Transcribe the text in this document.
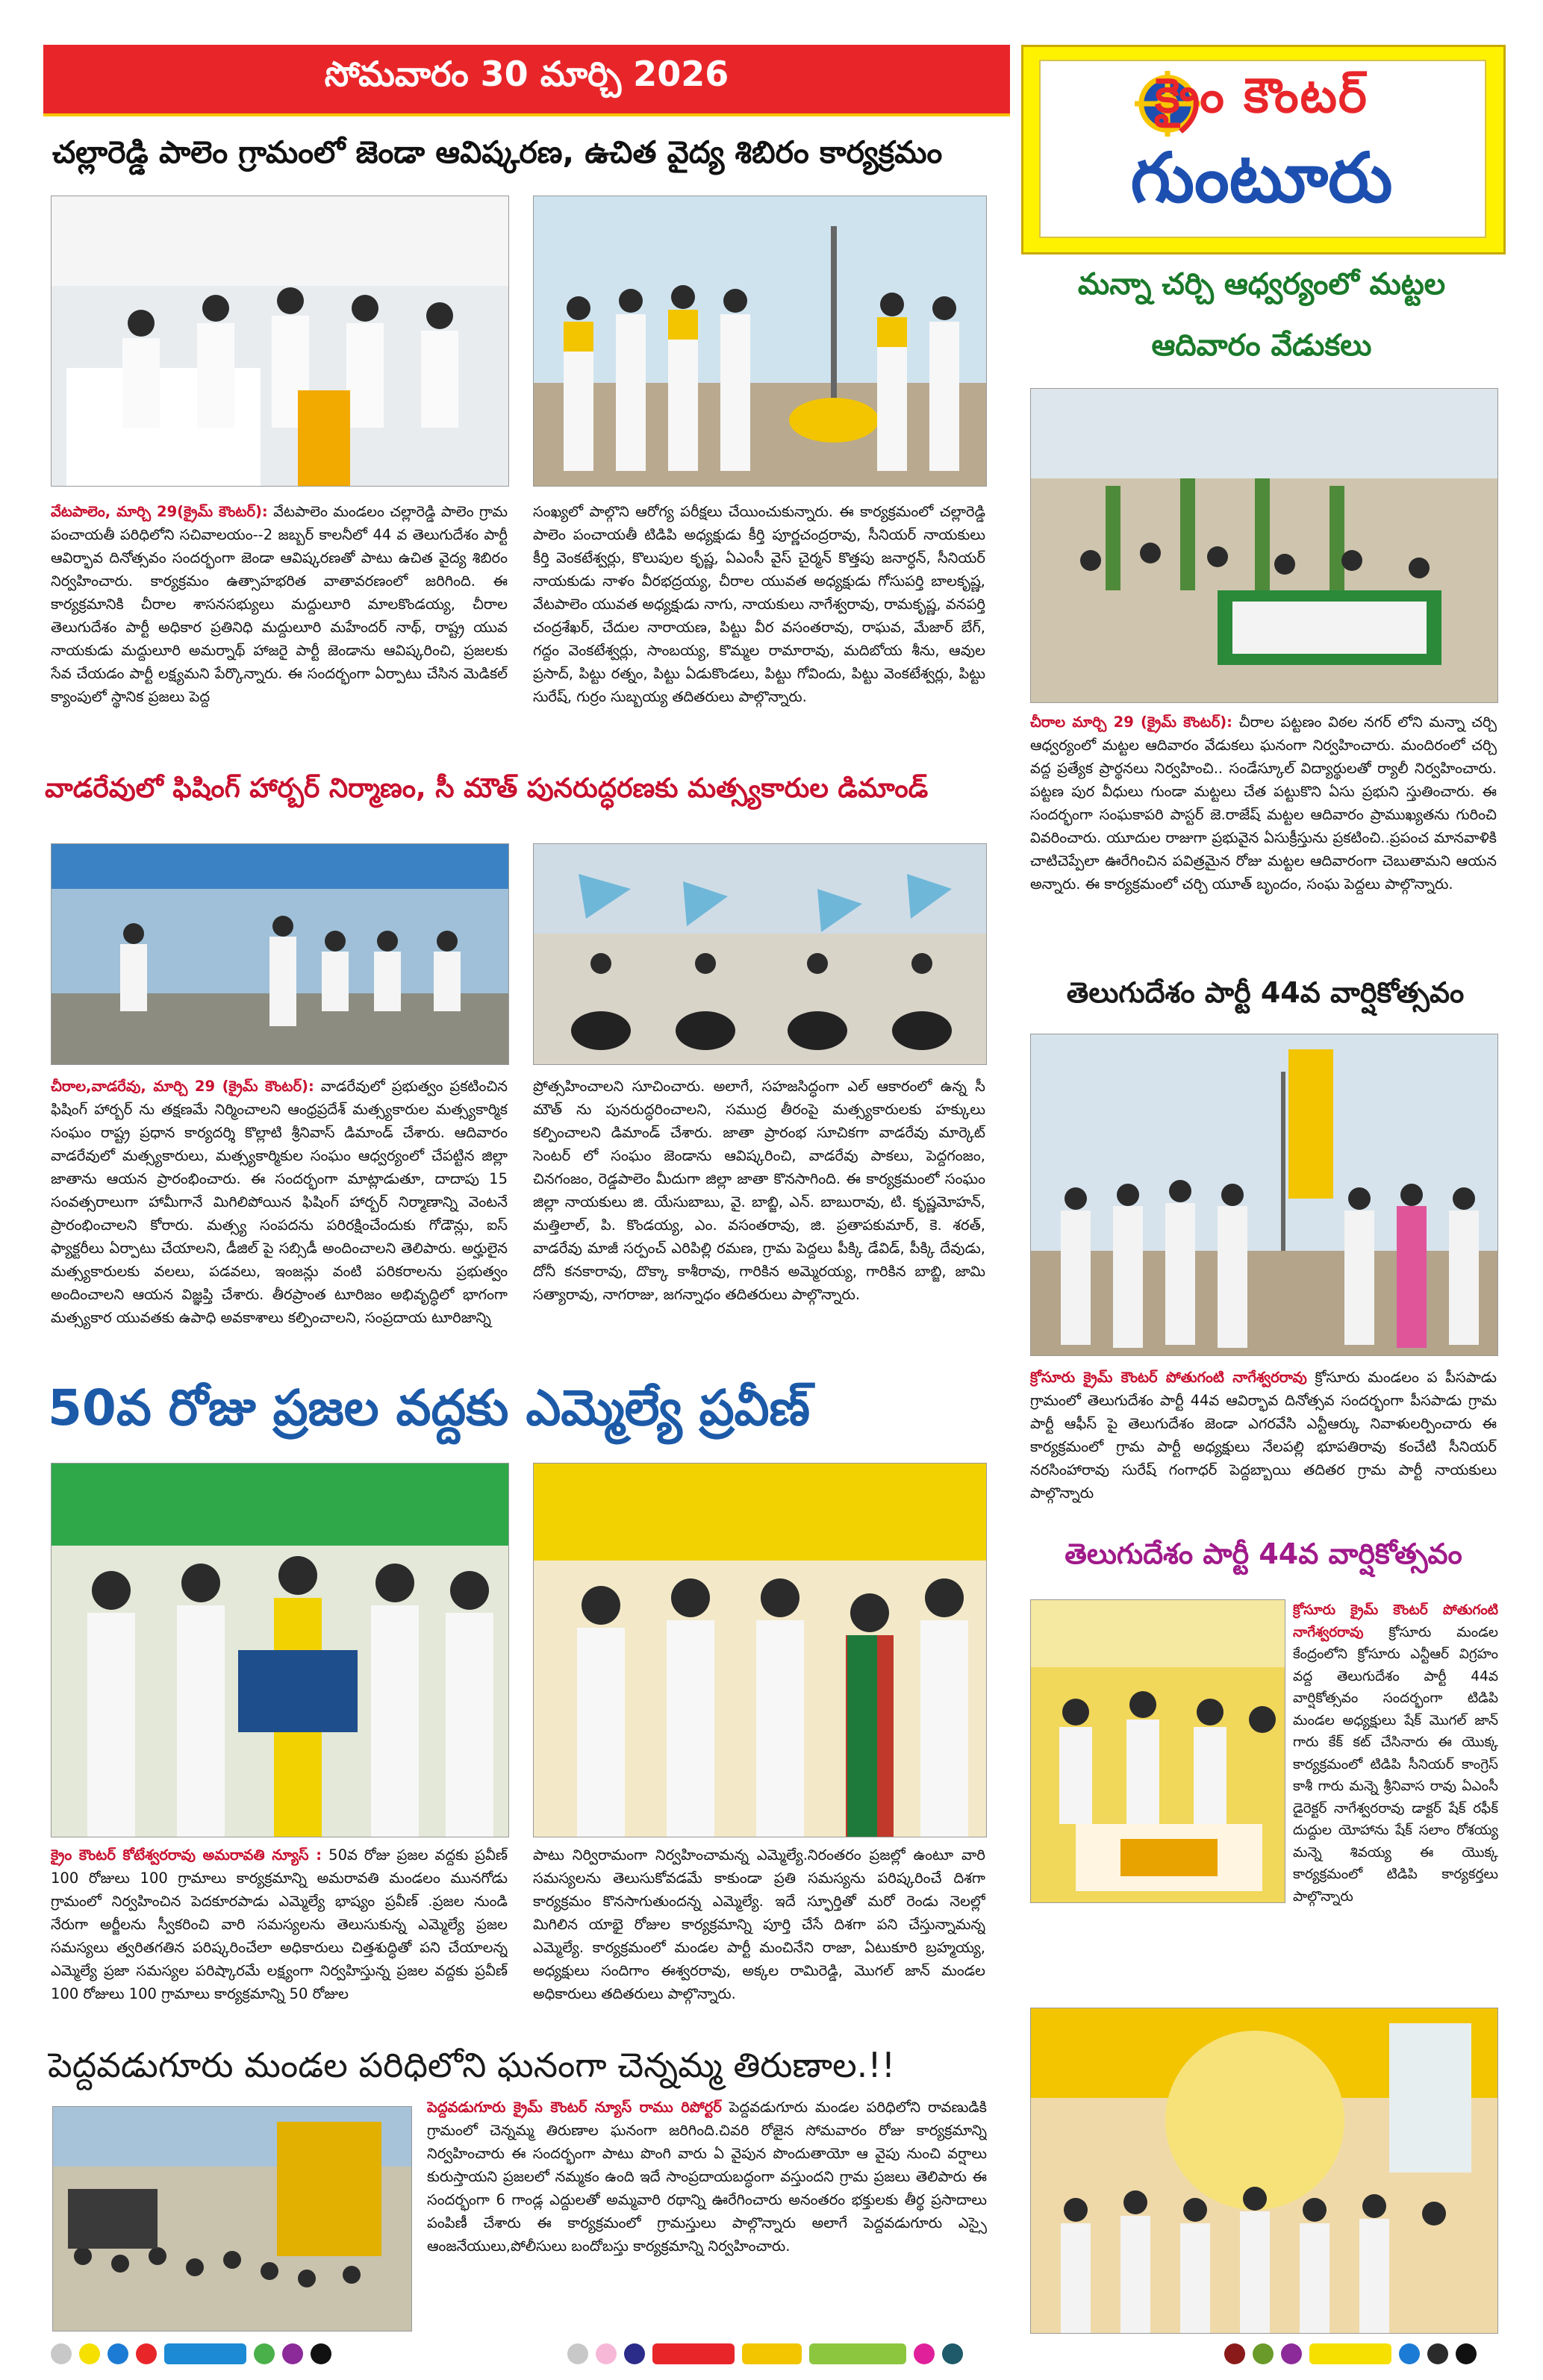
సోమవారం 30 మార్చి 2026	క్రైం కౌంటర్
గుంటూరు
చల్లారెడ్డి పాలెం గ్రామంలో జెండా ఆవిష్కరణ, ఉచిత వైద్య శిబిరం కార్యక్రమం
వేటపాలెం, మార్చి 29(క్రైమ్ కౌంటర్): వేటపాలెం మండలం చల్లారెడ్డి పాలెం గ్రామ పంచాయతీ పరిధిలోని సచివాలయం--2 జబ్బర్ కాలనీలో 44 వ తెలుగుదేశం పార్టీ ఆవిర్భావ దినోత్సవం సందర్భంగా జెండా ఆవిష్కరణతో పాటు ఉచిత వైద్య శిబిరం నిర్వహించారు. కార్యక్రమం ఉత్సాహభరిత వాతావరణంలో జరిగింది. ఈ కార్యక్రమానికి చీరాల శాసనసభ్యులు మద్దులూరి మాలకొండయ్య, చీరాల తెలుగుదేశం పార్టీ అధికార ప్రతినిధి మద్దులూరి మహేందర్ నాథ్, రాష్ట్ర యువ నాయకుడు మద్దులూరి అమర్నాథ్ హాజరై పార్టీ జెండాను ఆవిష్కరించి, ప్రజలకు సేవ చేయడం పార్టీ లక్ష్యమని పేర్కొన్నారు. ఈ సందర్భంగా ఏర్పాటు చేసిన మెడికల్ క్యాంపులో స్థానిక ప్రజలు పెద్ద
సంఖ్యలో పాల్గొని ఆరోగ్య పరీక్షలు చేయించుకున్నారు. ఈ కార్యక్రమంలో చల్లారెడ్డి పాలెం పంచాయతీ టిడిపి అధ్యక్షుడు కీర్తి పూర్ణచంద్రరావు, సీనియర్ నాయకులు కీర్తి వెంకటేశ్వర్లు, కొలుపుల కృష్ణ, ఏఎంసీ వైస్ చైర్మన్ కొత్తపు జనార్ధన్, సీనియర్ నాయకుడు నాళం వీరభద్రయ్య, చీరాల యువత అధ్యక్షుడు గోసుపర్తి బాలకృష్ణ, వేటపాలెం యువత అధ్యక్షుడు నాగు, నాయకులు నాగేశ్వరావు, రామకృష్ణ, వనపర్తి చంద్రశేఖర్, చేదుల నారాయణ, పిట్టు వీర వసంతరావు, రాఘవ, మేజార్ బేగ్, గద్దం వెంకటేశ్వర్లు, సాంబయ్య, కొమ్మల రామారావు, మదిబోయ శీను, ఆవుల ప్రసాద్, పిట్టు రత్నం, పిట్టు ఏడుకొండలు, పిట్టు గోవిందు, పిట్టు వెంకటేశ్వర్లు, పిట్టు సురేష్, గుర్రం సుబ్బయ్య తదితరులు పాల్గొన్నారు.
వాడరేవులో ఫిషింగ్ హార్బర్ నిర్మాణం, సీ మౌత్ పునరుద్ధరణకు మత్స్యకారుల డిమాండ్
చీరాల,వాడరేవు, మార్చి 29 (క్రైమ్ కౌంటర్): వాడరేవులో ప్రభుత్వం ప్రకటించిన ఫిషింగ్ హార్బర్ ను తక్షణమే నిర్మించాలని ఆంధ్రప్రదేశ్ మత్స్యకారుల మత్స్యకార్మిక సంఘం రాష్ట్ర ప్రధాన కార్యదర్శి కొల్లాటి శ్రీనివాస్ డిమాండ్ చేశారు. ఆదివారం వాడరేవులో మత్స్యకారులు, మత్స్యకార్మికుల సంఘం ఆధ్వర్యంలో చేపట్టిన జిల్లా జాతాను ఆయన ప్రారంభించారు. ఈ సందర్భంగా మాట్లాడుతూ, దాదాపు 15 సంవత్సరాలుగా హామీగానే మిగిలిపోయిన ఫిషింగ్ హార్బర్ నిర్మాణాన్ని వెంటనే ప్రారంభించాలని కోరారు. మత్స్య సంపదను పరిరక్షించేందుకు గోడౌన్లు, ఐస్ ఫ్యాక్టరీలు ఏర్పాటు చేయాలని, డీజిల్ పై సబ్సిడీ అందించాలని తెలిపారు. అర్హులైన మత్స్యకారులకు వలలు, పడవలు, ఇంజన్లు వంటి పరికరాలను ప్రభుత్వం అందించాలని ఆయన విజ్ఞప్తి చేశారు. తీరప్రాంత టూరిజం అభివృద్ధిలో భాగంగా మత్స్యకార యువతకు ఉపాధి అవకాశాలు కల్పించాలని, సంప్రదాయ టూరిజాన్ని
ప్రోత్సహించాలని సూచించారు. అలాగే, సహజసిద్ధంగా ఎల్ ఆకారంలో ఉన్న సీ మౌత్ ను పునరుద్ధరించాలని, సముద్ర తీరంపై మత్స్యకారులకు హక్కులు కల్పించాలని డిమాండ్ చేశారు. జాతా ప్రారంభ సూచికగా వాడరేవు మార్కెట్ సెంటర్ లో సంఘం జెండాను ఆవిష్కరించి, వాడరేవు పాకలు, పెద్దగంజం, చినగంజం, రెడ్డపాలెం మీదుగా జిల్లా జాతా కొనసాగింది. ఈ కార్యక్రమంలో సంఘం జిల్లా నాయకులు జి. యేసుబాబు, వై. బాబ్జి, ఎన్. బాబురావు, టి. కృష్ణమోహన్, మత్తిలాల్, పి. కొండయ్య, ఎం. వసంతరావు, జి. ప్రతాపకుమార్, కె. శరత్, వాడరేవు మాజీ సర్పంచ్ ఎరిపిల్లి రమణ, గ్రామ పెద్దలు పీక్కి డేవిడ్, పీక్కి దేవుడు, దోనీ కనకారావు, దొక్కా కాశీరావు, గారికిన అమ్మెరయ్య, గారికిన బాబ్జి, జామి సత్యారావు, నాగరాజు, జగన్నాధం తదితరులు పాల్గొన్నారు.
50వ రోజు ప్రజల వద్దకు ఎమ్మెల్యే ప్రవీణ్
క్రైం కౌంటర్ కోటేశ్వరరావు అమరావతి న్యూస్ : 50వ రోజు ప్రజల వద్దకు ప్రవీణ్ 100 రోజులు 100 గ్రామాలు కార్యక్రమాన్ని అమరావతి మండలం మునగోడు గ్రామంలో నిర్వహించిన పెదకూరపాడు ఎమ్మెల్యే భాష్యం ప్రవీణ్ .ప్రజల నుండి నేరుగా అర్జీలను స్వీకరించి వారి సమస్యలను తెలుసుకున్న ఎమ్మెల్యే ప్రజల సమస్యలు త్వరితగతిన పరిష్కరించేలా అధికారులు చిత్తశుద్ధితో పని చేయాలన్న ఎమ్మెల్యే ప్రజా సమస్యల పరిష్కారమే లక్ష్యంగా నిర్వహిస్తున్న ప్రజల వద్దకు ప్రవీణ్ 100 రోజులు 100 గ్రామాలు కార్యక్రమాన్ని 50 రోజుల
పాటు నిర్విరామంగా నిర్వహించామన్న ఎమ్మెల్యే.నిరంతరం ప్రజల్లో ఉంటూ వారి సమస్యలను తెలుసుకోవడమే కాకుండా ప్రతి సమస్యను పరిష్కరించే దిశగా కార్యక్రమం కొనసాగుతుందన్న ఎమ్మెల్యే. ఇదే స్ఫూర్తితో మరో రెండు నెలల్లో మిగిలిన యాభై రోజుల కార్యక్రమాన్ని పూర్తి చేసే దిశగా పని చేస్తున్నామన్న ఎమ్మెల్యే. కార్యక్రమంలో మండల పార్టీ మంచినేని రాజా, ఏటుకూరి బ్రహ్మయ్య, అధ్యక్షులు సందిగాం ఈశ్వరరావు, అక్కల రామిరెడ్డి, మొగల్ జాన్ మండల అధికారులు తదితరులు పాల్గొన్నారు.
పెద్దవడుగూరు మండల పరిధిలోని ఘనంగా చెన్నమ్మ తిరుణాల.!!
పెద్దవడుగూరు క్రైమ్ కౌంటర్ న్యూస్ రాము రిపోర్టర్ పెద్దవడుగూరు మండల పరిధిలోని రావణుడికి గ్రామంలో చెన్నమ్మ తిరుణాల ఘనంగా జరిగింది.చివరి రోజైన సోమవారం రోజు కార్యక్రమాన్ని నిర్వహించారు ఈ సందర్భంగా పాటు పొంగి వారు ఏ వైపున పొందుతాయో ఆ వైపు నుంచి వర్షాలు కురుస్తాయని ప్రజలలో నమ్మకం ఉంది ఇదే సాంప్రదాయబద్ధంగా వస్తుందని గ్రామ ప్రజలు తెలిపారు ఈ సందర్భంగా 6 గాండ్ల ఎద్దులతో అమ్మవారి రథాన్ని ఊరేగించారు అనంతరం భక్తులకు తీర్థ ప్రసాదాలు పంపిణీ చేశారు ఈ కార్యక్రమంలో గ్రామస్తులు పాల్గొన్నారు అలాగే పెద్దవడుగూరు ఎస్సై ఆంజనేయులు,పోలీసులు బందోబస్తు కార్యక్రమాన్ని నిర్వహించారు.
మన్నా చర్చి ఆధ్వర్యంలో మట్టల
ఆదివారం వేడుకలు
చీరాల మార్చి 29 (క్రైమ్ కౌంటర్): చీరాల పట్టణం విఠల నగర్ లోని మన్నా చర్చి ఆధ్వర్యంలో మట్టల ఆదివారం వేడుకలు ఘనంగా నిర్వహించారు. మందిరంలో చర్చి వద్ద ప్రత్యేక ప్రార్థనలు నిర్వహించి.. సండేస్కూల్ విద్యార్థులతో ర్యాలీ నిర్వహించారు. పట్టణ పుర వీధులు గుండా మట్టలు చేత పట్టుకొని ఏసు ప్రభుని స్తుతించారు. ఈ సందర్భంగా సంఘకాపరి పాస్టర్ జె.రాజేష్ మట్టల ఆదివారం ప్రాముఖ్యతను గురించి వివరించారు. యూదుల రాజుగా ప్రభువైన ఏసుక్రీస్తును ప్రకటించి..ప్రపంచ మానవాళికి చాటిచెప్పేలా ఊరేగించిన పవిత్రమైన రోజు మట్టల ఆదివారంగా చెబుతామని ఆయన అన్నారు. ఈ కార్యక్రమంలో చర్చి యూత్ బృందం, సంఘ పెద్దలు పాల్గొన్నారు.
తెలుగుదేశం పార్టీ 44వ వార్షికోత్సవం
క్రోసూరు క్రైమ్ కౌంటర్ పోతుగంటి నాగేశ్వరరావు క్రోసూరు మండలం ప పీసపాడు గ్రామంలో తెలుగుదేశం పార్టీ 44వ ఆవిర్భావ దినోత్సవ సందర్భంగా పీసపాడు గ్రామ పార్టీ ఆఫీస్ పై తెలుగుదేశం జెండా ఎగరవేసి ఎన్టీఆర్కు నివాళులర్పించారు ఈ కార్యక్రమంలో గ్రామ పార్టీ అధ్యక్షులు నేలపల్లి భూపతిరావు కంచేటి సీనియర్ నరసింహారావు సురేష్ గంగాధర్ పెద్దబ్బాయి తదితర గ్రామ పార్టీ నాయకులు పాల్గొన్నారు
తెలుగుదేశం పార్టీ 44వ వార్షికోత్సవం
క్రోసూరు క్రైమ్ కౌంటర్ పోతుగంటి నాగేశ్వరరావు క్రోసూరు మండల కేంద్రంలోని క్రోసూరు ఎన్టీఆర్ విగ్రహం వద్ద తెలుగుదేశం పార్టీ 44వ వార్షికోత్సవం సందర్భంగా టిడిపి మండల అధ్యక్షులు షేక్ మొగల్ జాన్ గారు కేక్ కట్ చేసినారు ఈ యొక్క కార్యక్రమంలో టిడిపి సీనియర్ కాంగ్రెస్ కాశీ గారు మన్నె శ్రీనివాస రావు ఏఎంసీ డైరెక్టర్ నాగేశ్వరరావు డాక్టర్ షేక్ రఫీక్ దుద్దుల యోహాను షేక్ సలాం రోశయ్య మన్నె శివయ్య ఈ యొక్క కార్యక్రమంలో టిడిపి కార్యకర్తలు పాల్గొన్నారు
